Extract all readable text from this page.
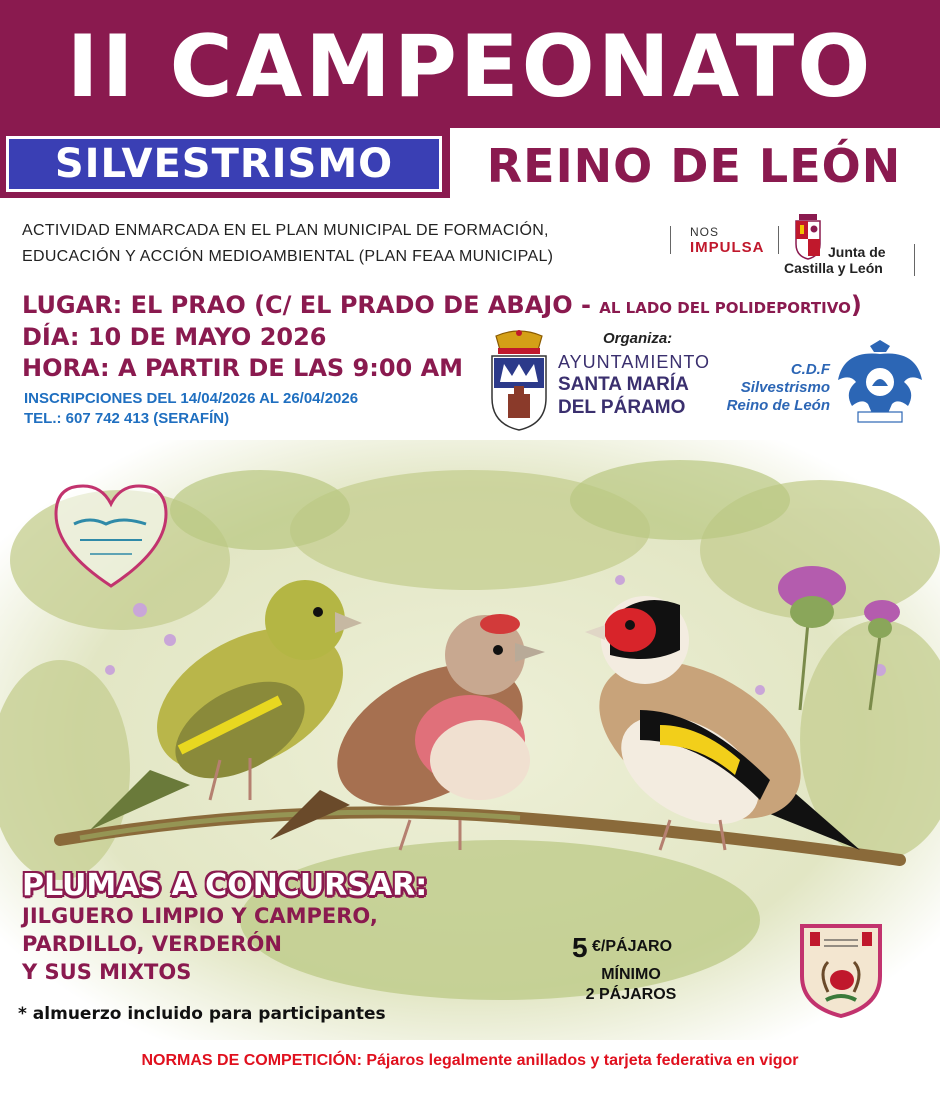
II CAMPEONATO
SILVESTRISMO	REINO DE LEÓN
ACTIVIDAD ENMARCADA EN EL PLAN MUNICIPAL DE FORMACIÓN,
EDUCACIÓN Y ACCIÓN MEDIOAMBIENTAL (PLAN FEAA MUNICIPAL)
NOS
IMPULSA	Junta de
Castilla y León
LUGAR: EL PRAO (C/ EL PRADO DE ABAJO - AL LADO DEL POLIDEPORTIVO)
DÍA: 10 DE MAYO 2026
HORA: A PARTIR DE LAS 9:00 AM
INSCRIPCIONES DEL 14/04/2026 AL 26/04/2026
TEL.: 607 742 413 (SERAFÍN)
Organiza:
AYUNTAMIENTO
SANTA MARÍA
DEL PÁRAMO
C.D.F
Silvestrismo
Reino de León
PLUMAS A CONCURSAR:
JILGUERO LIMPIO Y CAMPERO,
PARDILLO, VERDERÓN
Y SUS MIXTOS
* almuerzo incluido para participantes
5 €/PÁJARO
MÍNIMO
2 PÁJAROS
NORMAS DE COMPETICIÓN: Pájaros legalmente anillados y tarjeta federativa en vigor
